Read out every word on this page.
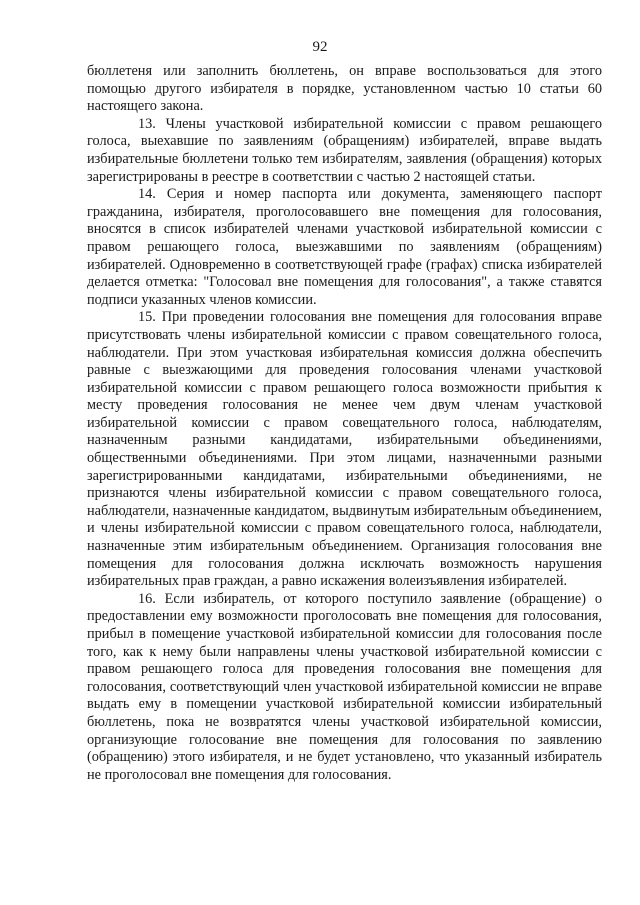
92

бюллетеня или заполнить бюллетень, он вправе воспользоваться для этого помощью другого избирателя в порядке, установленном частью 10 статьи 60 настоящего закона.

13. Члены участковой избирательной комиссии с правом решающего голоса, выехавшие по заявлениям (обращениям) избирателей, вправе выдать избирательные бюллетени только тем избирателям, заявления (обращения) которых зарегистрированы в реестре в соответствии с частью 2 настоящей статьи.

14. Серия и номер паспорта или документа, заменяющего паспорт гражданина, избирателя, проголосовавшего вне помещения для голосования, вносятся в список избирателей членами участковой избирательной комиссии с правом решающего голоса, выезжавшими по заявлениям (обращениям) избирателей. Одновременно в соответствующей графе (графах) списка избирателей делается отметка: "Голосовал вне помещения для голосования", а также ставятся подписи указанных членов комиссии.

15. При проведении голосования вне помещения для голосования вправе присутствовать члены избирательной комиссии с правом совещательного голоса, наблюдатели. При этом участковая избирательная комиссия должна обеспечить равные с выезжающими для проведения голосования членами участковой избирательной комиссии с правом решающего голоса возможности прибытия к месту проведения голосования не менее чем двум членам участковой избирательной комиссии с правом совещательного голоса, наблюдателям, назначенным разными кандидатами, избирательными объединениями, общественными объединениями. При этом лицами, назначенными разными зарегистрированными кандидатами, избирательными объединениями, не признаются члены избирательной комиссии с правом совещательного голоса, наблюдатели, назначенные кандидатом, выдвинутым избирательным объединением, и члены избирательной комиссии с правом совещательного голоса, наблюдатели, назначенные этим избирательным объединением. Организация голосования вне помещения для голосования должна исключать возможность нарушения избирательных прав граждан, а равно искажения волеизъявления избирателей.

16. Если избиратель, от которого поступило заявление (обращение) о предоставлении ему возможности проголосовать вне помещения для голосования, прибыл в помещение участковой избирательной комиссии для голосования после того, как к нему были направлены члены участковой избирательной комиссии с правом решающего голоса для проведения голосования вне помещения для голосования, соответствующий член участковой избирательной комиссии не вправе выдать ему в помещении участковой избирательной комиссии избирательный бюллетень, пока не возвратятся члены участковой избирательной комиссии, организующие голосование вне помещения для голосования по заявлению (обращению) этого избирателя, и не будет установлено, что указанный избиратель не проголосовал вне помещения для голосования.
